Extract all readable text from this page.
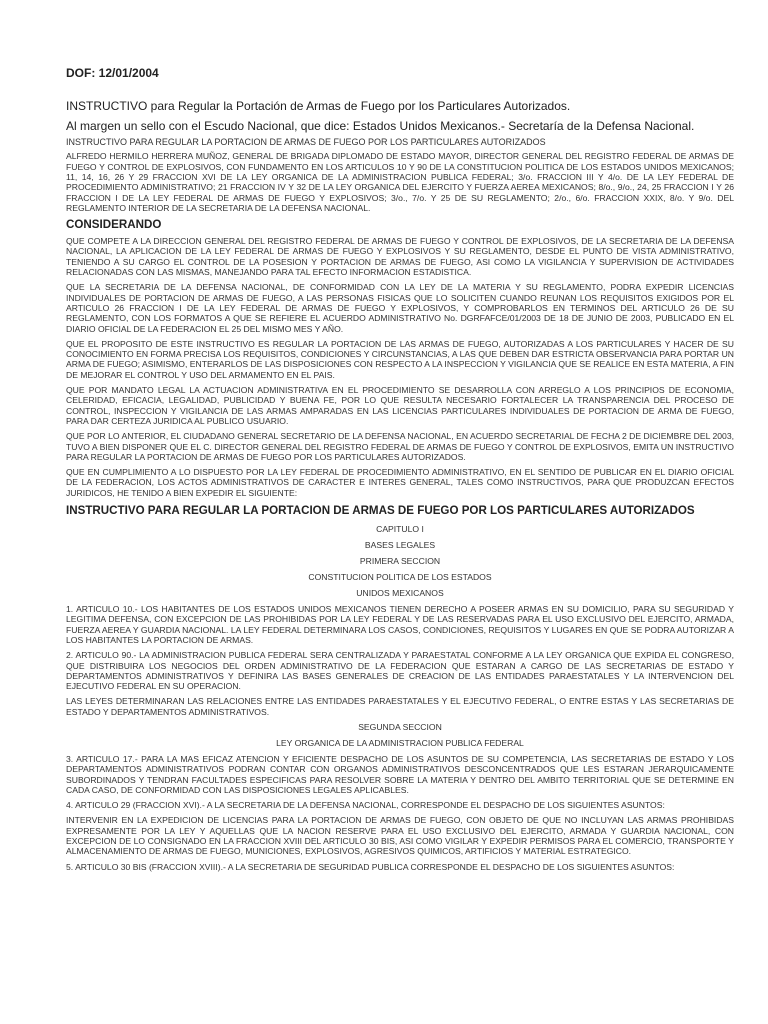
DOF: 12/01/2004
INSTRUCTIVO para Regular la Portación de Armas de Fuego por los Particulares Autorizados.
Al margen un sello con el Escudo Nacional, que dice: Estados Unidos Mexicanos.- Secretaría de la Defensa Nacional.
INSTRUCTIVO PARA REGULAR LA PORTACION DE ARMAS DE FUEGO POR LOS PARTICULARES AUTORIZADOS
ALFREDO HERMILO HERRERA MUÑOZ, GENERAL DE BRIGADA DIPLOMADO DE ESTADO MAYOR, DIRECTOR GENERAL DEL REGISTRO FEDERAL DE ARMAS DE FUEGO Y CONTROL DE EXPLOSIVOS, CON FUNDAMENTO EN LOS ARTICULOS 10 Y 90 DE LA CONSTITUCION POLITICA DE LOS ESTADOS UNIDOS MEXICANOS; 11, 14, 16, 26 Y 29 FRACCION XVI DE LA LEY ORGANICA DE LA ADMINISTRACION PUBLICA FEDERAL; 3/o. FRACCION III Y 4/o. DE LA LEY FEDERAL DE PROCEDIMIENTO ADMINISTRATIVO; 21 FRACCION IV Y 32 DE LA LEY ORGANICA DEL EJERCITO Y FUERZA AEREA MEXICANOS; 8/o., 9/o., 24, 25 FRACCION I Y 26 FRACCION I DE LA LEY FEDERAL DE ARMAS DE FUEGO Y EXPLOSIVOS; 3/o., 7/o. Y 25 DE SU REGLAMENTO; 2/o., 6/o. FRACCION XXIX, 8/o. Y 9/o. DEL REGLAMENTO INTERIOR DE LA SECRETARIA DE LA DEFENSA NACIONAL.
CONSIDERANDO
QUE COMPETE A LA DIRECCION GENERAL DEL REGISTRO FEDERAL DE ARMAS DE FUEGO Y CONTROL DE EXPLOSIVOS, DE LA SECRETARIA DE LA DEFENSA NACIONAL, LA APLICACION DE LA LEY FEDERAL DE ARMAS DE FUEGO Y EXPLOSIVOS Y SU REGLAMENTO, DESDE EL PUNTO DE VISTA ADMINISTRATIVO, TENIENDO A SU CARGO EL CONTROL DE LA POSESION Y PORTACION DE ARMAS DE FUEGO, ASI COMO LA VIGILANCIA Y SUPERVISION DE ACTIVIDADES RELACIONADAS CON LAS MISMAS, MANEJANDO PARA TAL EFECTO INFORMACION ESTADISTICA.
QUE LA SECRETARIA DE LA DEFENSA NACIONAL, DE CONFORMIDAD CON LA LEY DE LA MATERIA Y SU REGLAMENTO, PODRA EXPEDIR LICENCIAS INDIVIDUALES DE PORTACION DE ARMAS DE FUEGO, A LAS PERSONAS FISICAS QUE LO SOLICITEN CUANDO REUNAN LOS REQUISITOS EXIGIDOS POR EL ARTICULO 26 FRACCION I DE LA LEY FEDERAL DE ARMAS DE FUEGO Y EXPLOSIVOS, Y COMPROBARLOS EN TERMINOS DEL ARTICULO 26 DE SU REGLAMENTO, CON LOS FORMATOS A QUE SE REFIERE EL ACUERDO ADMINISTRATIVO No. DGRFAFCE/01/2003 DE 18 DE JUNIO DE 2003, PUBLICADO EN EL DIARIO OFICIAL DE LA FEDERACION EL 25 DEL MISMO MES Y AÑO.
QUE EL PROPOSITO DE ESTE INSTRUCTIVO ES REGULAR LA PORTACION DE LAS ARMAS DE FUEGO, AUTORIZADAS A LOS PARTICULARES Y HACER DE SU CONOCIMIENTO EN FORMA PRECISA LOS REQUISITOS, CONDICIONES Y CIRCUNSTANCIAS, A LAS QUE DEBEN DAR ESTRICTA OBSERVANCIA PARA PORTAR UN ARMA DE FUEGO; ASIMISMO, ENTERARLOS DE LAS DISPOSICIONES CON RESPECTO A LA INSPECCION Y VIGILANCIA QUE SE REALICE EN ESTA MATERIA, A FIN DE MEJORAR EL CONTROL Y USO DEL ARMAMENTO EN EL PAIS.
QUE POR MANDATO LEGAL LA ACTUACION ADMINISTRATIVA EN EL PROCEDIMIENTO SE DESARROLLA CON ARREGLO A LOS PRINCIPIOS DE ECONOMIA, CELERIDAD, EFICACIA, LEGALIDAD, PUBLICIDAD Y BUENA FE, POR LO QUE RESULTA NECESARIO FORTALECER LA TRANSPARENCIA DEL PROCESO DE CONTROL, INSPECCION Y VIGILANCIA DE LAS ARMAS AMPARADAS EN LAS LICENCIAS PARTICULARES INDIVIDUALES DE PORTACION DE ARMA DE FUEGO, PARA DAR CERTEZA JURIDICA AL PUBLICO USUARIO.
QUE POR LO ANTERIOR, EL CIUDADANO GENERAL SECRETARIO DE LA DEFENSA NACIONAL, EN ACUERDO SECRETARIAL DE FECHA 2 DE DICIEMBRE DEL 2003, TUVO A BIEN DISPONER QUE EL C. DIRECTOR GENERAL DEL REGISTRO FEDERAL DE ARMAS DE FUEGO Y CONTROL DE EXPLOSIVOS, EMITA UN INSTRUCTIVO PARA REGULAR LA PORTACION DE ARMAS DE FUEGO POR LOS PARTICULARES AUTORIZADOS.
QUE EN CUMPLIMIENTO A LO DISPUESTO POR LA LEY FEDERAL DE PROCEDIMIENTO ADMINISTRATIVO, EN EL SENTIDO DE PUBLICAR EN EL DIARIO OFICIAL DE LA FEDERACION, LOS ACTOS ADMINISTRATIVOS DE CARACTER E INTERES GENERAL, TALES COMO INSTRUCTIVOS, PARA QUE PRODUZCAN EFECTOS JURIDICOS, HE TENIDO A BIEN EXPEDIR EL SIGUIENTE:
INSTRUCTIVO PARA REGULAR LA PORTACION DE ARMAS DE FUEGO POR LOS PARTICULARES AUTORIZADOS
CAPITULO I
BASES LEGALES
PRIMERA SECCION
CONSTITUCION POLITICA DE LOS ESTADOS
UNIDOS MEXICANOS
1. ARTICULO 10.- LOS HABITANTES DE LOS ESTADOS UNIDOS MEXICANOS TIENEN DERECHO A POSEER ARMAS EN SU DOMICILIO, PARA SU SEGURIDAD Y LEGITIMA DEFENSA, CON EXCEPCION DE LAS PROHIBIDAS POR LA LEY FEDERAL Y DE LAS RESERVADAS PARA EL USO EXCLUSIVO DEL EJERCITO, ARMADA, FUERZA AEREA Y GUARDIA NACIONAL. LA LEY FEDERAL DETERMINARA LOS CASOS, CONDICIONES, REQUISITOS Y LUGARES EN QUE SE PODRA AUTORIZAR A LOS HABITANTES LA PORTACION DE ARMAS.
2. ARTICULO 90.- LA ADMINISTRACION PUBLICA FEDERAL SERA CENTRALIZADA Y PARAESTATAL CONFORME A LA LEY ORGANICA QUE EXPIDA EL CONGRESO, QUE DISTRIBUIRA LOS NEGOCIOS DEL ORDEN ADMINISTRATIVO DE LA FEDERACION QUE ESTARAN A CARGO DE LAS SECRETARIAS DE ESTADO Y DEPARTAMENTOS ADMINISTRATIVOS Y DEFINIRA LAS BASES GENERALES DE CREACION DE LAS ENTIDADES PARAESTATALES Y LA INTERVENCION DEL EJECUTIVO FEDERAL EN SU OPERACION.
LAS LEYES DETERMINARAN LAS RELACIONES ENTRE LAS ENTIDADES PARAESTATALES Y EL EJECUTIVO FEDERAL, O ENTRE ESTAS Y LAS SECRETARIAS DE ESTADO Y DEPARTAMENTOS ADMINISTRATIVOS.
SEGUNDA SECCION
LEY ORGANICA DE LA ADMINISTRACION PUBLICA FEDERAL
3. ARTICULO 17.- PARA LA MAS EFICAZ ATENCION Y EFICIENTE DESPACHO DE LOS ASUNTOS DE SU COMPETENCIA, LAS SECRETARIAS DE ESTADO Y LOS DEPARTAMENTOS ADMINISTRATIVOS PODRAN CONTAR CON ORGANOS ADMINISTRATIVOS DESCONCENTRADOS QUE LES ESTARAN JERARQUICAMENTE SUBORDINADOS Y TENDRAN FACULTADES ESPECIFICAS PARA RESOLVER SOBRE LA MATERIA Y DENTRO DEL AMBITO TERRITORIAL QUE SE DETERMINE EN CADA CASO, DE CONFORMIDAD CON LAS DISPOSICIONES LEGALES APLICABLES.
4. ARTICULO 29 (FRACCION XVI).- A LA SECRETARIA DE LA DEFENSA NACIONAL, CORRESPONDE EL DESPACHO DE LOS SIGUIENTES ASUNTOS:
INTERVENIR EN LA EXPEDICION DE LICENCIAS PARA LA PORTACION DE ARMAS DE FUEGO, CON OBJETO DE QUE NO INCLUYAN LAS ARMAS PROHIBIDAS EXPRESAMENTE POR LA LEY Y AQUELLAS QUE LA NACION RESERVE PARA EL USO EXCLUSIVO DEL EJERCITO, ARMADA Y GUARDIA NACIONAL, CON EXCEPCION DE LO CONSIGNADO EN LA FRACCION XVIII DEL ARTICULO 30 BIS, ASI COMO VIGILAR Y EXPEDIR PERMISOS PARA EL COMERCIO, TRANSPORTE Y ALMACENAMIENTO DE ARMAS DE FUEGO, MUNICIONES, EXPLOSIVOS, AGRESIVOS QUIMICOS, ARTIFICIOS Y MATERIAL ESTRATEGICO.
5. ARTICULO 30 BIS (FRACCION XVIII).- A LA SECRETARIA DE SEGURIDAD PUBLICA CORRESPONDE EL DESPACHO DE LOS SIGUIENTES ASUNTOS:
